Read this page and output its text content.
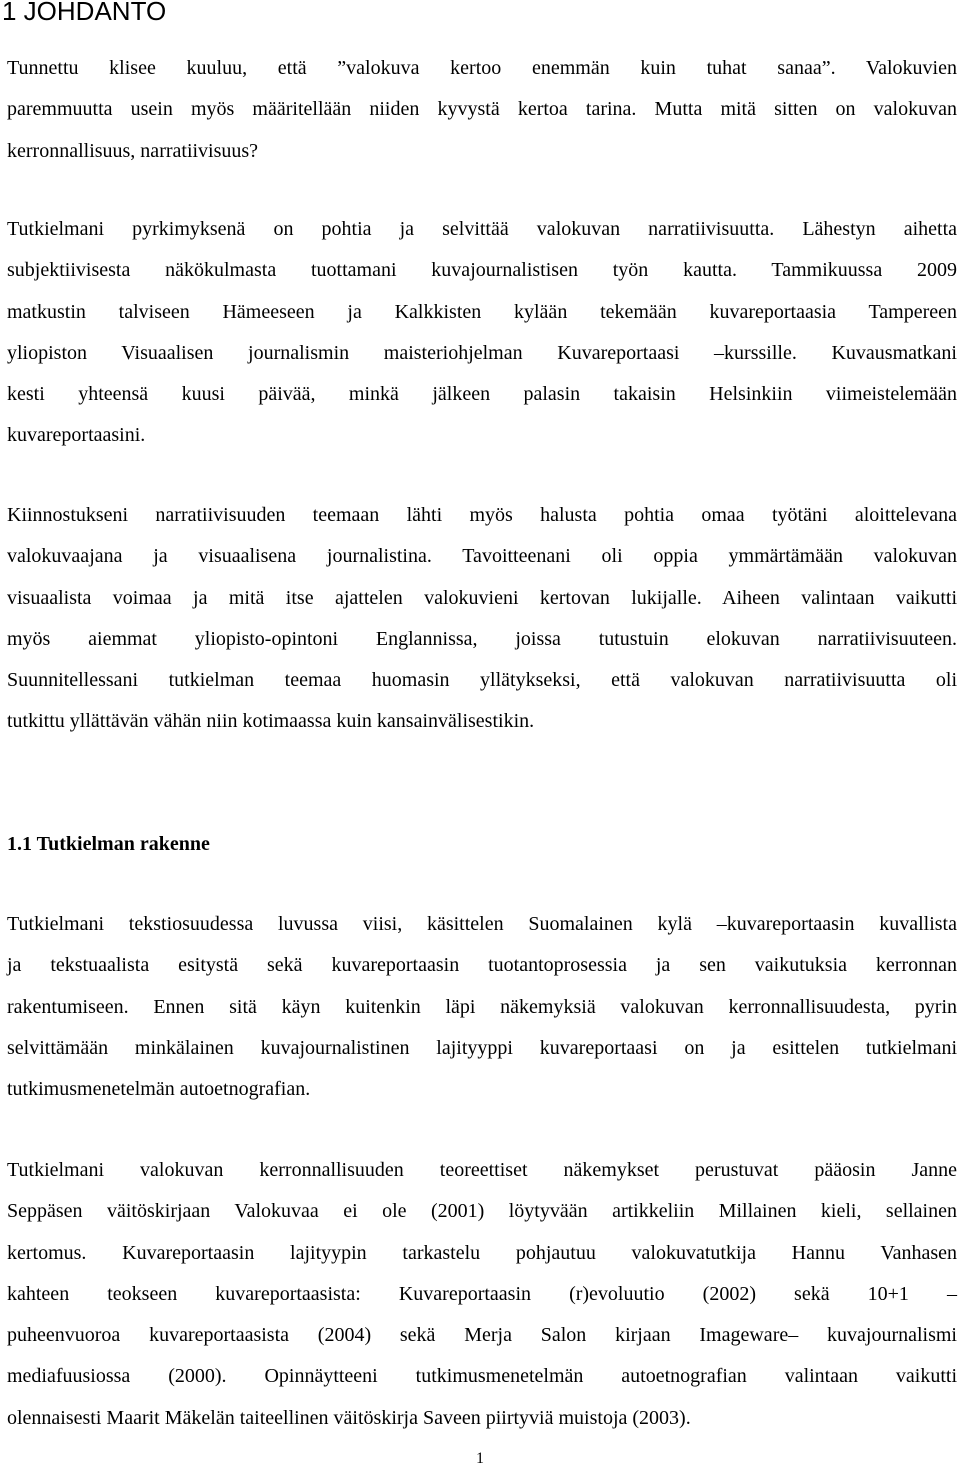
1 JOHDANTO
Tunnettu klisee kuuluu, että ”valokuva kertoo enemmän kuin tuhat sanaa”. Valokuvien
paremmuutta usein myös määritellään niiden kyvystä kertoa tarina. Mutta mitä sitten on valokuvan
kerronnallisuus, narratiivisuus?
Tutkielmani pyrkimyksenä on pohtia ja selvittää valokuvan narratiivisuutta. Lähestyn aihetta
subjektiivisesta näkökulmasta tuottamani kuvajournalistisen työn kautta. Tammikuussa 2009
matkustin talviseen Hämeeseen ja Kalkkisten kylään tekemään kuvareportaasia Tampereen
yliopiston Visuaalisen journalismin maisteriohjelman Kuvareportaasi –kurssille. Kuvausmatkani
kesti yhteensä kuusi päivää, minkä jälkeen palasin takaisin Helsinkiin viimeistelemään
kuvareportaasini.
Kiinnostukseni narratiivisuuden teemaan lähti myös halusta pohtia omaa työtäni aloittelevana
valokuvaajana ja visuaalisena journalistina. Tavoitteenani oli oppia ymmärtämään valokuvan
visuaalista voimaa ja mitä itse ajattelen valokuvieni kertovan lukijalle. Aiheen valintaan vaikutti
myös aiemmat yliopisto-opintoni Englannissa, joissa tutustuin elokuvan narratiivisuuteen.
Suunnitellessani tutkielman teemaa huomasin yllätykseksi, että valokuvan narratiivisuutta oli
tutkittu yllättävän vähän niin kotimaassa kuin kansainvälisestikin.
1.1 Tutkielman rakenne
Tutkielmani tekstiosuudessa luvussa viisi, käsittelen Suomalainen kylä –kuvareportaasin kuvallista
ja tekstuaalista esitystä sekä kuvareportaasin tuotantoprosessia ja sen vaikutuksia kerronnan
rakentumiseen. Ennen sitä käyn kuitenkin läpi näkemyksiä valokuvan kerronnallisuudesta, pyrin
selvittämään minkälainen kuvajournalistinen lajityyppi kuvareportaasi on ja esittelen tutkielmani
tutkimusmenetelmän autoetnografian.
Tutkielmani valokuvan kerronnallisuuden teoreettiset näkemykset perustuvat pääosin Janne
Seppäsen väitöskirjaan Valokuvaa ei ole (2001) löytyvään artikkeliin Millainen kieli, sellainen
kertomus. Kuvareportaasin lajityypin tarkastelu pohjautuu valokuvatutkija Hannu Vanhasen
kahteen teokseen kuvareportaasista: Kuvareportaasin (r)evoluutio (2002) sekä 10+1 –
puheenvuoroa kuvareportaasista (2004) sekä Merja Salon kirjaan Imageware– kuvajournalismi
mediafuusiossa (2000). Opinnäytteeni tutkimusmenetelmän autoetnografian valintaan vaikutti
olennaisesti Maarit Mäkelän taiteellinen väitöskirja Saveen piirtyviä muistoja (2003).
1
